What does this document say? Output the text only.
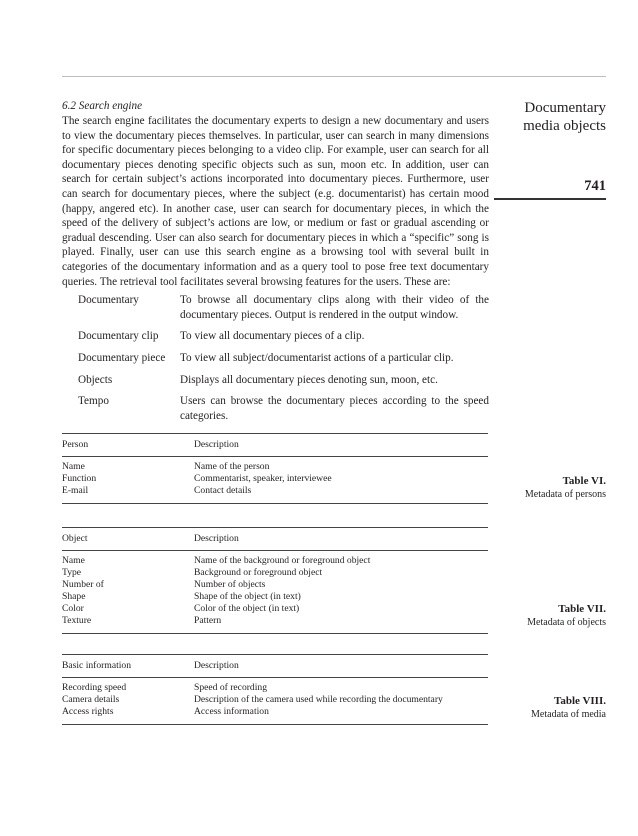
Documentary
media objects
741
6.2 Search engine

The search engine facilitates the documentary experts to design a new documentary and users to view the documentary pieces themselves. In particular, user can search in many dimensions for specific documentary pieces belonging to a video clip. For example, user can search for all documentary pieces denoting specific objects such as sun, moon etc. In addition, user can search for certain subject’s actions incorporated into documentary pieces. Furthermore, user can search for documentary pieces, where the subject (e.g. documentarist) has certain mood (happy, angered etc). In another case, user can search for documentary pieces, in which the speed of the delivery of subject’s actions are low, or medium or fast or gradual ascending or gradual descending. User can also search for documentary pieces in which a “specific” song is played. Finally, user can use this search engine as a browsing tool with several built in categories of the documentary information and as a query tool to pose free text documentary queries. The retrieval tool facilitates several browsing features for the users. These are:

Documentary	To browse all documentary clips along with their video of the documentary pieces. Output is rendered in the output window.
Documentary clip	To view all documentary pieces of a clip.
Documentary piece	To view all subject/documentarist actions of a particular clip.
Objects	Displays all documentary pieces denoting sun, moon, etc.
Tempo	Users can browse the documentary pieces according to the speed categories.
Person	Description
Name	Name of the person
Function	Commentarist, speaker, interviewee
E-mail	Contact details
Table VI.
Metadata of persons
Object	Description
Name	Name of the background or foreground object
Type	Background or foreground object
Number of	Number of objects
Shape	Shape of the object (in text)
Color	Color of the object (in text)
Texture	Pattern
Table VII.
Metadata of objects
Basic information	Description
Recording speed	Speed of recording
Camera details	Description of the camera used while recording the documentary
Access rights	Access information
Table VIII.
Metadata of media
